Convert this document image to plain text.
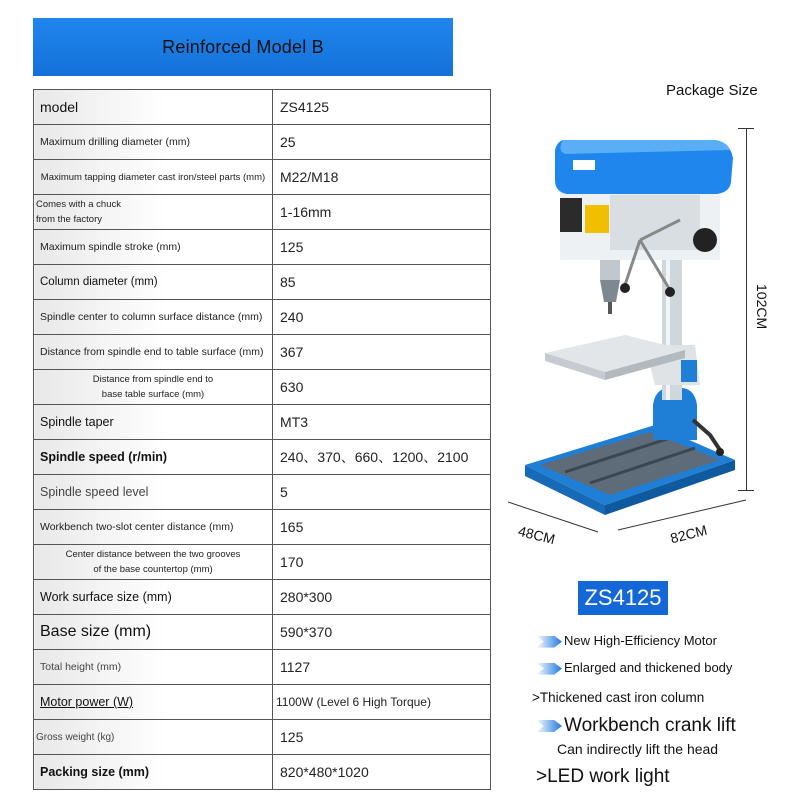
Reinforced Model B
model	ZS4125
Maximum drilling diameter (mm)	25
Maximum tapping diameter cast iron/steel parts (mm)	M22/M18
Comes with a chuck from the factory	1-16mm
Maximum spindle stroke (mm)	125
Column diameter (mm)	85
Spindle center to column surface distance (mm)	240
Distance from spindle end to table surface (mm)	367
Distance from spindle end to base table surface (mm)	630
Spindle taper	MT3
Spindle speed (r/min)	240、370、660、1200、2100
Spindle speed level	5
Workbench two-slot center distance (mm)	165
Center distance between the two grooves of the base countertop (mm)	170
Work surface size (mm)	280*300
Base size (mm)	590*370
Total height (mm)	1127
Motor power (W)	1100W (Level 6 High Torque)
Gross weight (kg)	125
Packing size (mm)	820*480*1020
Package Size
102CM
48CM	82CM
ZS4125
New High-Efficiency Motor
Enlarged and thickened body
>Thickened cast iron column
Workbench crank lift
Can indirectly lift the head
>LED work light
